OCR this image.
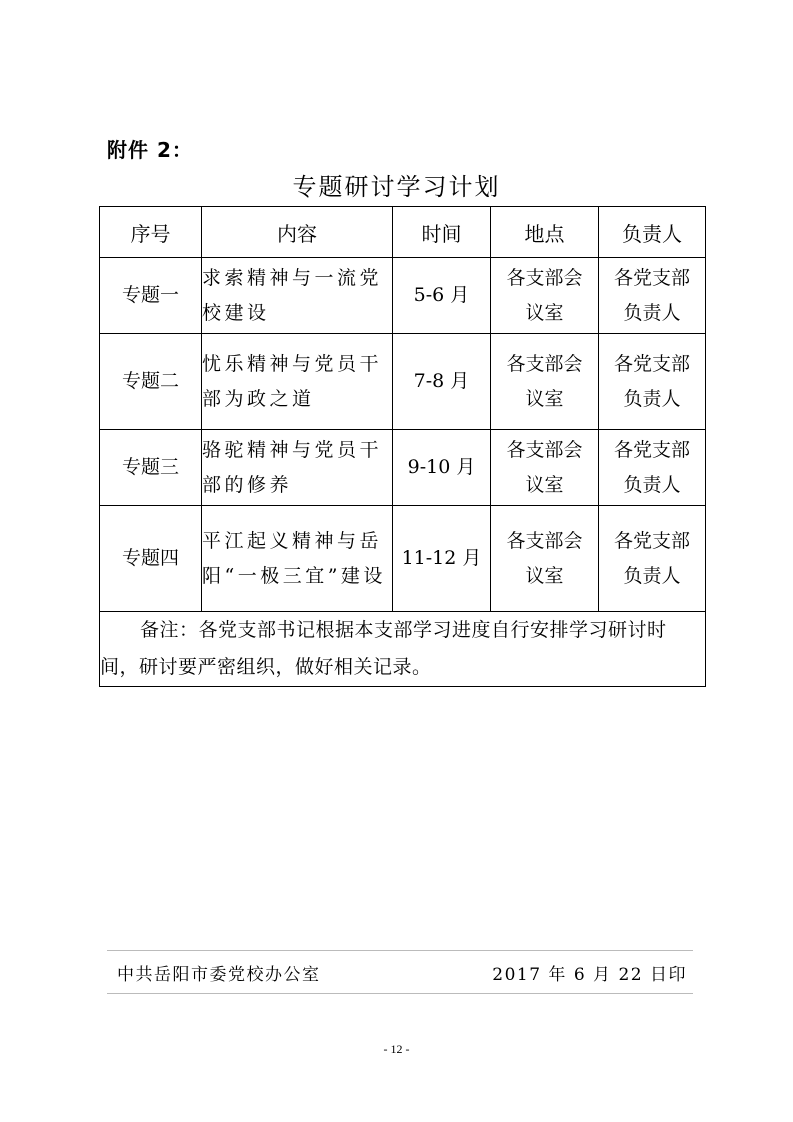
附件 2：
专题研讨学习计划
序号	内容	时间	地点	负责人
专题一	求索精神与一流党校建设	5-6 月	各支部会议室	各党支部负责人
专题二	忧乐精神与党员干部为政之道	7-8 月	各支部会议室	各党支部负责人
专题三	骆驼精神与党员干部的修养	9-10 月	各支部会议室	各党支部负责人
专题四	平江起义精神与岳阳“一极三宜”建设	11-12 月	各支部会议室	各党支部负责人
备注：各党支部书记根据本支部学习进度自行安排学习研讨时间，研讨要严密组织，做好相关记录。				
中共岳阳市委党校办公室	2017 年 6 月 22 日印
- 12 -
